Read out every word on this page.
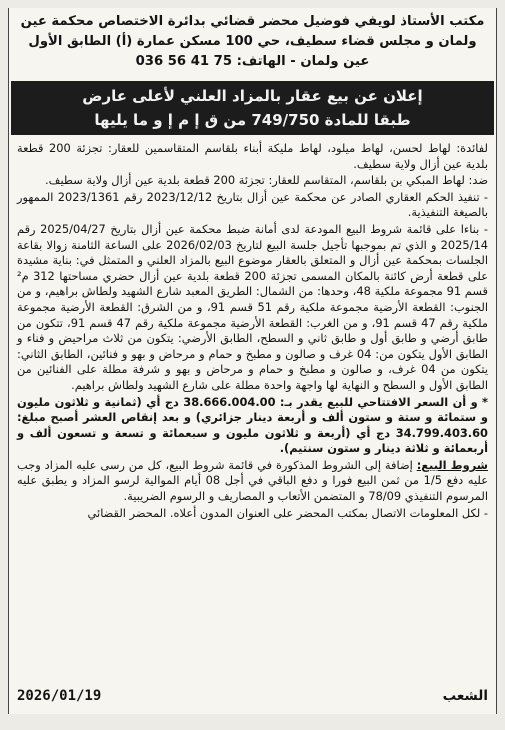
مكتب الأستاذ لويفي فوضيل محضر قضائي بدائرة الاختصاص محكمة عين
ولمان و مجلس قضاء سطيف، حي 100 مسكن عمارة (أ) الطابق الأول
عين ولمان - الهاتف: 75 41 56 036
إعلان عن بيع عقار بالمزاد العلني لأعلى عارض
طبقا للمادة 749/750 من ق إ م إ و ما يليها

لفائدة: لهاط لحسن، لهاط ميلود، لهاط مليكة أبناء بلقاسم المتقاسمين للعقار: تجزئة 200 قطعة بلدية عين أزال ولاية سطيف.

ضد: لهاط المبكي بن بلقاسم، المتقاسم للعقار: تجزئة 200 قطعة بلدية عين أزال ولاية سطيف.

- تنفيذ الحكم العقاري الصادر عن محكمة عين أزال بتاريخ 2023/12/12 رقم 2023/1361 الممهور بالصيغة التنفيذية.

- بناءا على قائمة شروط البيع المودعة لدى أمانة ضبط محكمة عين أزال بتاريخ 2025/04/27 رقم 2025/14 و الذي تم بموجبها تأجيل جلسة البيع لتاريخ 2026/02/03 على الساعة الثامنة زوالا بقاعة الجلسات بمحكمة عين أزال و المتعلق بالعقار موضوع البيع بالمزاد العلني و المتمثل في: بناية مشيدة على قطعة أرض كائنة بالمكان المسمى تجزئة 200 قطعة بلدية عين أزال حضري مساحتها 312 م² قسم 91 مجموعة ملكية 48، وحدها: من الشمال: الطريق المعبد شارع الشهيد ولطاش براهيم، و من الجنوب: القطعة الأرضية مجموعة ملكية رقم 51 قسم 91، و من الشرق: القطعة الأرضية مجموعة ملكية رقم 47 قسم 91، و من الغرب: القطعة الأرضية مجموعة ملكية رقم 47 قسم 91، تتكون من طابق أرضي و طابق أول و طابق ثاني و السطح، الطابق الأرضي: يتكون من ثلاث مراحيض و فناء و الطابق الأول يتكون من: 04 غرف و صالون و مطبخ و حمام و مرحاض و بهو و فنائين، الطابق الثاني: يتكون من 04 غرف، و صالون و مطبخ و حمام و مرحاض و بهو و شرفة مطلة على الفنائين من الطابق الأول و السطح و النهاية لها واجهة واحدة مطلة على شارع الشهيد ولطاش براهيم.

* و أن السعر الافتتاحي للبيع يقدر بـ: 38.666.004.00 دج أي (ثمانية و ثلاثون مليون و ستمائة و ستة و ستون ألف و أربعة دينار جزائري) و بعد إنقاص العشر أصبح مبلغ: 34.799.403.60 دج أي (أربعة و ثلاثون مليون و سبعمائة و تسعة و تسعون ألف و أربعمائة و ثلاثة دينار و ستون سنتيم).

شروط البيع: إضافة إلى الشروط المذكورة في قائمة شروط البيع، كل من رسى عليه المزاد وجب عليه دفع 1/5 من ثمن البيع فورا و دفع الباقي في أجل 08 أيام الموالية لرسو المزاد و يطبق عليه المرسوم التنفيذي 78/09 و المتضمن الأتعاب و المصاريف و الرسوم الضريبية.

- لكل المعلومات الاتصال بمكتب المحضر على العنوان المدون أعلاه. المحضر القضائي

الشعب
2026/01/19
